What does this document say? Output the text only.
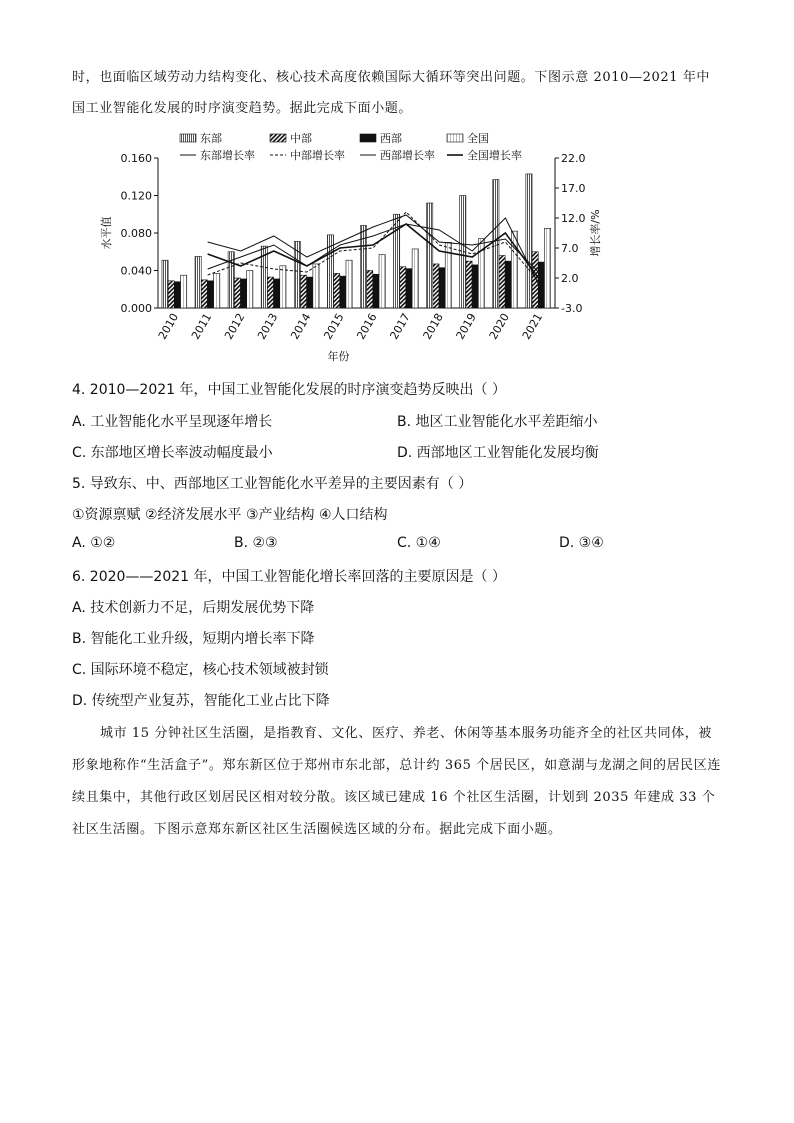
时，也面临区域劳动力结构变化、核心技术高度依赖国际大循环等突出问题。下图示意 2010—2021 年中
国工业智能化发展的时序演变趋势。据此完成下面小题。
0.000
0.040
0.080
0.120
0.160
-3.0
2.0
7.0
12.0
17.0
22.0
水平值	增长率/%
2010 2011 2012 2013 2014 2015 2016 2017 2018 2019 2020 2021
年份
东部	中部	西部	全国
东部增长率	中部增长率	西部增长率	全国增长率
4. 2010—2021 年，中国工业智能化发展的时序演变趋势反映出（ ）
A. 工业智能化水平呈现逐年增长	B. 地区工业智能化水平差距缩小
C. 东部地区增长率波动幅度最小	D. 西部地区工业智能化发展均衡
5. 导致东、中、西部地区工业智能化水平差异的主要因素有（ ）
①资源禀赋 ②经济发展水平 ③产业结构 ④人口结构
A. ①②	B. ②③	C. ①④	D. ③④
6. 2020——2021 年，中国工业智能化增长率回落的主要原因是（ ）
A. 技术创新力不足，后期发展优势下降
B. 智能化工业升级，短期内增长率下降
C. 国际环境不稳定，核心技术领域被封锁
D. 传统型产业复苏，智能化工业占比下降
城市 15 分钟社区生活圈，是指教育、文化、医疗、养老、休闲等基本服务功能齐全的社区共同体，被形象地称作“生活盒子”。郑东新区位于郑州市东北部，总计约 365 个居民区，如意湖与龙湖之间的居民区连续且集中，其他行政区划居民区相对较分散。该区域已建成 16 个社区生活圈，计划到 2035 年建成 33 个社区生活圈。下图示意郑东新区社区生活圈候选区域的分布。据此完成下面小题。
